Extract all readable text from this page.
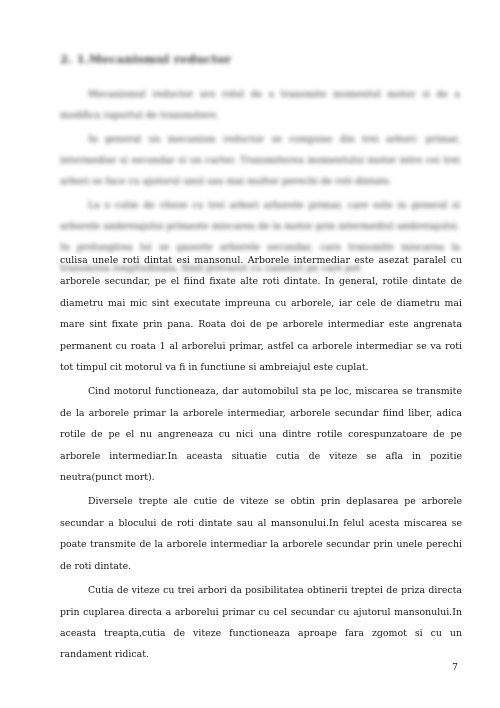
2. 1.Mecanismul reductor

Mecanismul reductor are rolul de a transmite momentul motor si de a modifica raportul de transmitere.

In general un mecanism reductor se compune din trei arbori: primar, intermediar si secundar si un carter. Transmiterea momentului motor intre cei trei arbori se face cu ajutorul unul sau mai multor perechi de roti dintate.

La o cutie de viteze cu trei arbori arborele primar, care este in general si arborele ambreiajului primeste miscarea de la motor prin intermediul ambreiajului. In prelungirea lui se gaseste arborele secundar, care transmite miscarea la transmisia longitudinala, fiind prevazut cu caneluri pe care pot

culisa unele roti dintat esi mansonul. Arborele intermediar este asezat paralel cu arborele secundar, pe el fiind fixate alte roti dintate. In general, rotile dintate de diametru mai mic sint executate impreuna cu arborele, iar cele de diametru mai mare sint fixate prin pana. Roata doi de pe arborele intermediar este angrenata permanent cu roata 1 al arborelui primar, astfel ca arborele intermediar se va roti tot timpul cit motorul va fi in functiune si ambreiajul este cuplat.

Cind motorul functioneaza, dar automobilul sta pe loc, miscarea se transmite de la arborele primar la arborele intermediar, arborele secundar fiind liber, adica rotile de pe el nu angreneaza cu nici una dintre rotile corespunzatoare de pe arborele intermediar.In aceasta situatie cutia de viteze se afla in pozitie neutra(punct mort).

Diversele trepte ale cutie de viteze se obtin prin deplasarea pe arborele secundar a blocului de roti dintate sau al mansonului.In felul acesta miscarea se poate transmite de la arborele intermediar la arborele secundar prin unele perechi de roti dintate.

Cutia de viteze cu trei arbori da posibilitatea obtinerii treptei de priza directa prin cuplarea directa a arborelui primar cu cel secundar cu ajutorul mansonului.In aceasta treapta,cutia de viteze functioneaza aproape fara zgomot si cu un randament ridicat.

7
